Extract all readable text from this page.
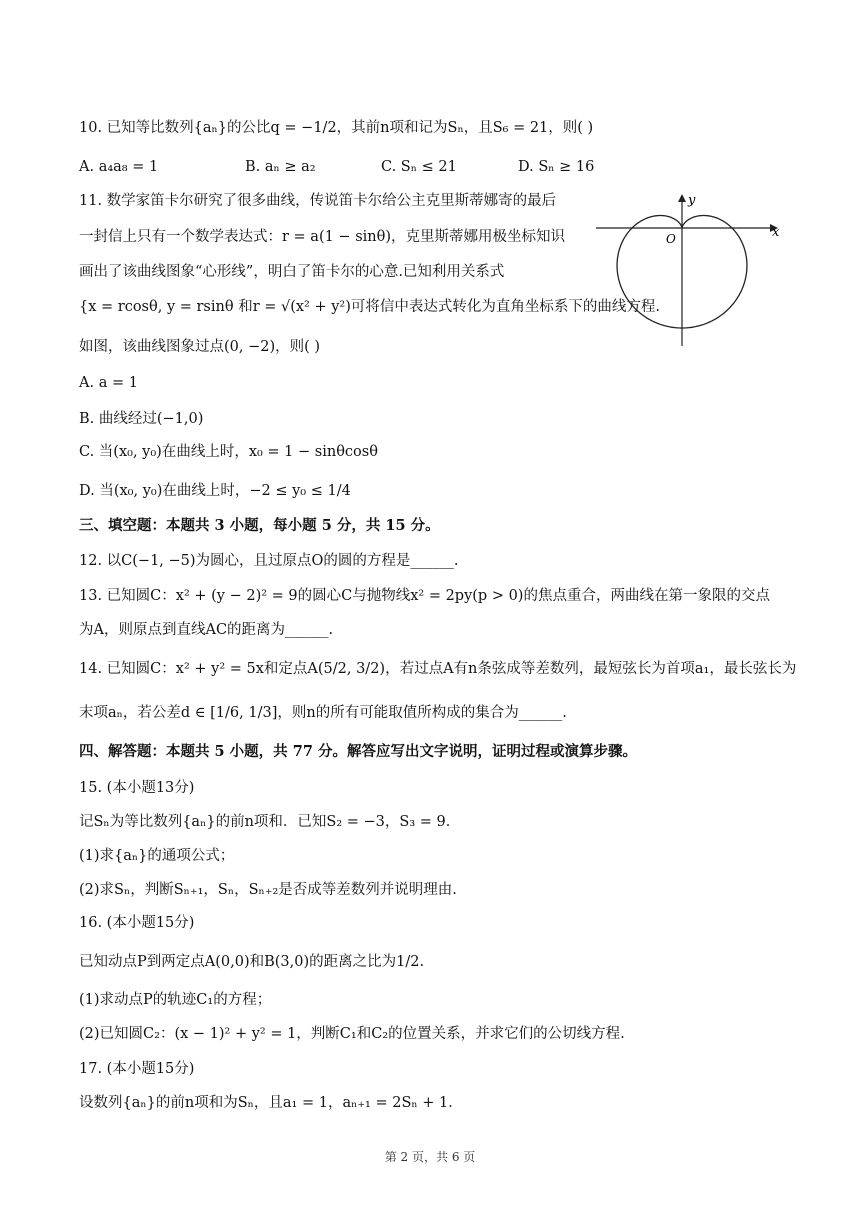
10. 已知等比数列{aₙ}的公比q = −1/2，其前n项和记为Sₙ，且S₆ = 21，则( )
A. a₄a₈ = 1	B. aₙ ≥ a₂	C. Sₙ ≤ 21	D. Sₙ ≥ 16
11. 数学家笛卡尔研究了很多曲线，传说笛卡尔给公主克里斯蒂娜寄的最后
一封信上只有一个数学表达式：r = a(1 − sinθ)，克里斯蒂娜用极坐标知识
画出了该曲线图象“心形线”，明白了笛卡尔的心意.已知利用关系式
{x = rcosθ, y = rsinθ 和r = √(x² + y²)可将信中表达式转化为直角坐标系下的曲线方程.
如图，该曲线图象过点(0, −2)，则( )
A. a = 1
B. 曲线经过(−1,0)
C. 当(x₀, y₀)在曲线上时，x₀ = 1 − sinθcosθ
D. 当(x₀, y₀)在曲线上时，−2 ≤ y₀ ≤ 1/4
x
y
O
三、填空题：本题共 3 小题，每小题 5 分，共 15 分。
12. 以C(−1, −5)为圆心，且过原点O的圆的方程是______.
13. 已知圆C：x² + (y − 2)² = 9的圆心C与抛物线x² = 2py(p > 0)的焦点重合，两曲线在第一象限的交点
为A，则原点到直线AC的距离为______.
14. 已知圆C：x² + y² = 5x和定点A(5/2, 3/2)，若过点A有n条弦成等差数列，最短弦长为首项a₁，最长弦长为
末项aₙ，若公差d ∈ [1/6, 1/3]，则n的所有可能取值所构成的集合为______.
四、解答题：本题共 5 小题，共 77 分。解答应写出文字说明，证明过程或演算步骤。
15. (本小题13分)
记Sₙ为等比数列{aₙ}的前n项和．已知S₂ = −3，S₃ = 9．
(1)求{aₙ}的通项公式；
(2)求Sₙ，判断Sₙ₊₁，Sₙ，Sₙ₊₂是否成等差数列并说明理由.
16. (本小题15分)
已知动点P到两定点A(0,0)和B(3,0)的距离之比为1/2.
(1)求动点P的轨迹C₁的方程；
(2)已知圆C₂：(x − 1)² + y² = 1，判断C₁和C₂的位置关系，并求它们的公切线方程.
17. (本小题15分)
设数列{aₙ}的前n项和为Sₙ，且a₁ = 1，aₙ₊₁ = 2Sₙ + 1．
第 2 页，共 6 页
